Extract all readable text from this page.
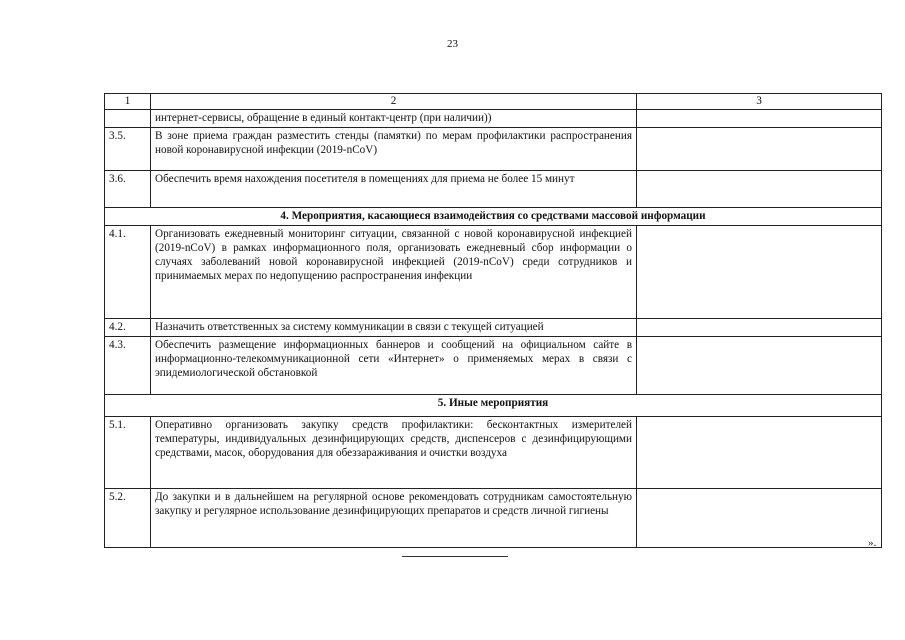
23
1	2	3
	интернет-сервисы, обращение в единый контакт-центр (при наличии))	
3.5.	В зоне приема граждан разместить стенды (памятки) по мерам профилактики распространения новой коронавирусной инфекции (2019-nCoV)	
3.6.	Обеспечить время нахождения посетителя в помещениях для приема не более 15 минут	
4. Мероприятия, касающиеся взаимодействия со средствами массовой информации		
4.1.	Организовать ежедневный мониторинг ситуации, связанной с новой коронавирусной инфекцией (2019-nCoV) в рамках информационного поля, организовать ежедневный сбор информации о случаях заболеваний новой коронавирусной инфекцией (2019-nCoV) среди сотрудников и принимаемых мерах по недопущению распространения инфекции	
4.2.	Назначить ответственных за систему коммуникации в связи с текущей ситуацией	
4.3.	Обеспечить размещение информационных баннеров и сообщений на официальном сайте в информационно-телекоммуникационной сети «Интернет» о применяемых мерах в связи с эпидемиологической обстановкой	
5. Иные мероприятия		
5.1.	Оперативно организовать закупку средств профилактики: бесконтактных измерителей температуры, индивидуальных дезинфицирующих средств, диспенсеров с дезинфицирующими средствами, масок, оборудования для обеззараживания и очистки воздуха	
5.2.	До закупки и в дальнейшем на регулярной основе рекомендовать сотрудникам самостоятельную закупку и регулярное использование дезинфицирующих препаратов и средств личной гигиены	
».
